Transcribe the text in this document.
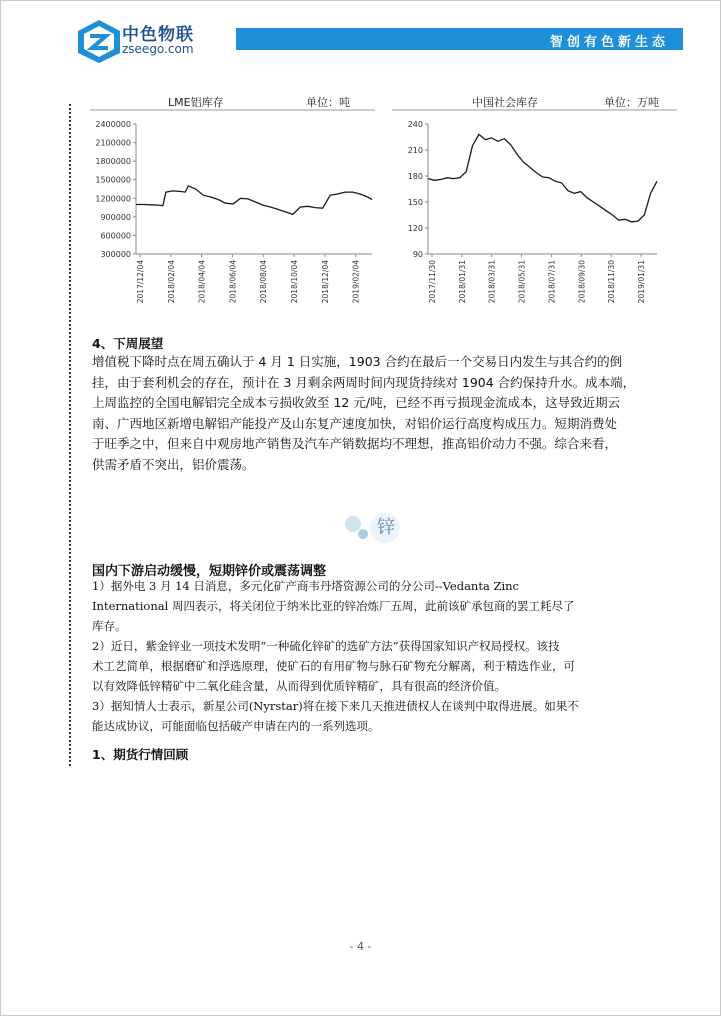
中色物联
zseego.com	智创有色新生态
LME铝库存	单位：吨
2400000
2100000
1800000
1500000
1200000
900000
600000
300000
2017/12/04	2018/02/04	2018/04/04	2018/06/04	2018/08/04	2018/10/04	2018/12/04	2019/02/04
中国社会库存	单位：万吨
240
210
180
150
120
90
2017/11/30	2018/01/31	2018/03/31	2018/05/31	2018/07/31	2018/09/30	2018/11/30	2019/01/31
4、下周展望
增值税下降时点在周五确认于 4 月 1 日实施，1903 合约在最后一个交易日内发生与其合约的倒
挂，由于套利机会的存在，预计在 3 月剩余两周时间内现货持续对 1904 合约保持升水。成本端，
上周监控的全国电解铝完全成本亏损收敛至 12 元/吨，已经不再亏损现金流成本，这导致近期云
南、广西地区新增电解铝产能投产及山东复产速度加快，对铝价运行高度构成压力。短期消费处
于旺季之中，但来自中观房地产销售及汽车产销数据均不理想，推高铝价动力不强。综合来看，
供需矛盾不突出，铝价震荡。
锌
国内下游启动缓慢，短期锌价或震荡调整
1）据外电 3 月 14 日消息，多元化矿产商韦丹塔资源公司的分公司--Vedanta Zinc
International 周四表示，将关闭位于纳米比亚的锌冶炼厂五周，此前该矿承包商的罢工耗尽了
库存。
2）近日，紫金锌业一项技术发明“一种硫化锌矿的选矿方法”获得国家知识产权局授权。该技
术工艺简单，根据磨矿和浮选原理，使矿石的有用矿物与脉石矿物充分解离，利于精选作业，可
以有效降低锌精矿中二氧化硅含量，从而得到优质锌精矿，具有很高的经济价值。
3）据知情人士表示，新星公司(Nyrstar)将在接下来几天推进债权人在谈判中取得进展。如果不
能达成协议，可能面临包括破产申请在内的一系列选项。
1、期货行情回顾
- 4 -
